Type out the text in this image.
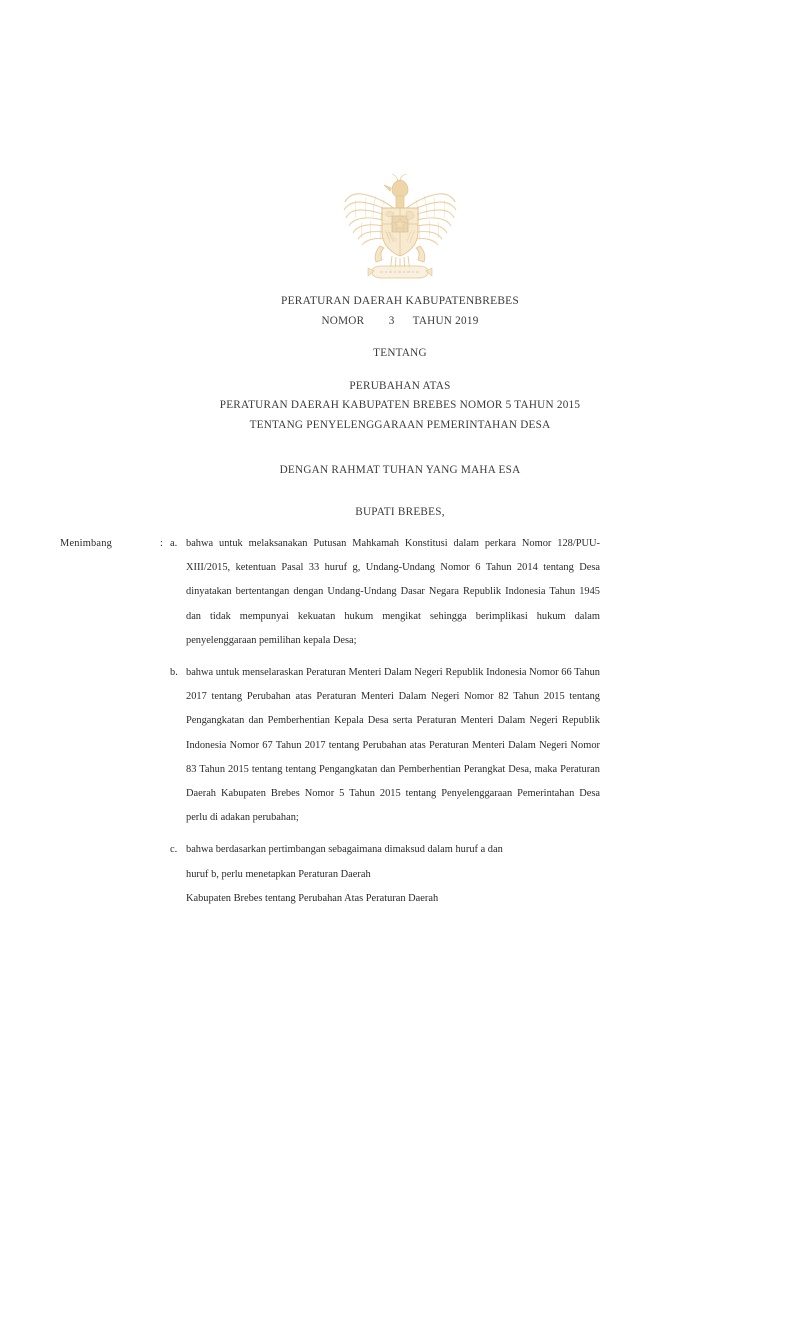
PERATURAN DAERAH KABUPATENBREBES
NOMOR        3      TAHUN 2019
TENTANG
PERUBAHAN ATAS
PERATURAN DAERAH KABUPATEN BREBES NOMOR 5 TAHUN 2015
TENTANG PENYELENGGARAAN PEMERINTAHAN DESA
DENGAN RAHMAT TUHAN YANG MAHA ESA
BUPATI BREBES,
Menimbang	: a. bahwa untuk melaksanakan Putusan Mahkamah Konstitusi dalam perkara Nomor 128/PUU-XIII/2015, ketentuan Pasal 33 huruf g, Undang-Undang Nomor 6 Tahun 2014 tentang Desa dinyatakan bertentangan dengan Undang-Undang Dasar Negara Republik Indonesia Tahun 1945 dan tidak mempunyai kekuatan hukum mengikat sehingga berimplikasi hukum dalam penyelenggaraan pemilihan kepala Desa;
b. bahwa untuk menselaraskan Peraturan Menteri Dalam Negeri Republik Indonesia Nomor 66 Tahun 2017 tentang Perubahan atas Peraturan Menteri Dalam Negeri Nomor 82 Tahun 2015 tentang Pengangkatan dan Pemberhentian Kepala Desa serta Peraturan Menteri Dalam Negeri Republik Indonesia Nomor 67 Tahun 2017 tentang Perubahan atas Peraturan Menteri Dalam Negeri Nomor 83 Tahun 2015 tentang tentang Pengangkatan dan Pemberhentian Perangkat Desa, maka Peraturan Daerah Kabupaten Brebes Nomor 5 Tahun 2015 tentang Penyelenggaraan Pemerintahan Desa perlu di adakan perubahan;
c. bahwa berdasarkan pertimbangan sebagaimana dimaksud dalam huruf a dan

huruf b, perlu menetapkan Peraturan Daerah

Kabupaten Brebes tentang Perubahan Atas Peraturan Daerah
